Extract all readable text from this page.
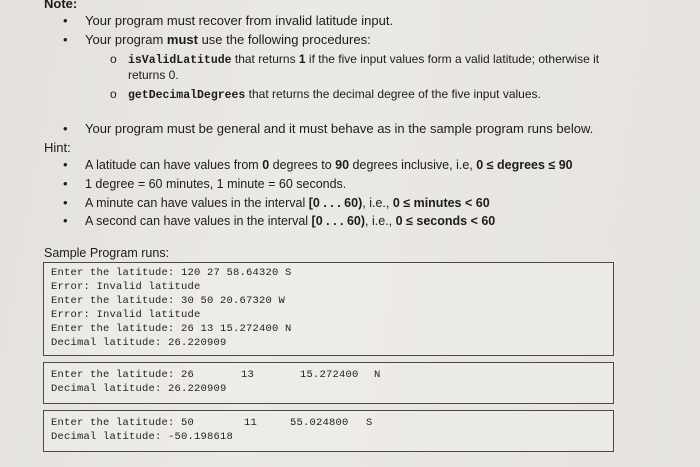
Note:
• Your program must recover from invalid latitude input.
• Your program must use the following procedures:
o isValidLatitude that returns 1 if the five input values form a valid latitude; otherwise it
returns 0.
o getDecimalDegrees that returns the decimal degree of the five input values.
• Your program must be general and it must behave as in the sample program runs below.
Hint:
• A latitude can have values from 0 degrees to 90 degrees inclusive, i.e, 0 ≤ degrees ≤ 90
• 1 degree = 60 minutes, 1 minute = 60 seconds.
• A minute can have values in the interval [0 . . . 60), i.e., 0 ≤ minutes < 60
• A second can have values in the interval [0 . . . 60), i.e., 0 ≤ seconds < 60
Sample Program runs:
Enter the latitude: 120 27 58.64320 S
Error: Invalid latitude
Enter the latitude: 30 50 20.67320 W
Error: Invalid latitude
Enter the latitude: 26 13 15.272400 N
Decimal latitude: 26.220909
Enter the latitude: 26	13	15.272400 N
Decimal latitude: 26.220909
Enter the latitude: 50	11	55.024800 S
Decimal latitude: -50.198618
